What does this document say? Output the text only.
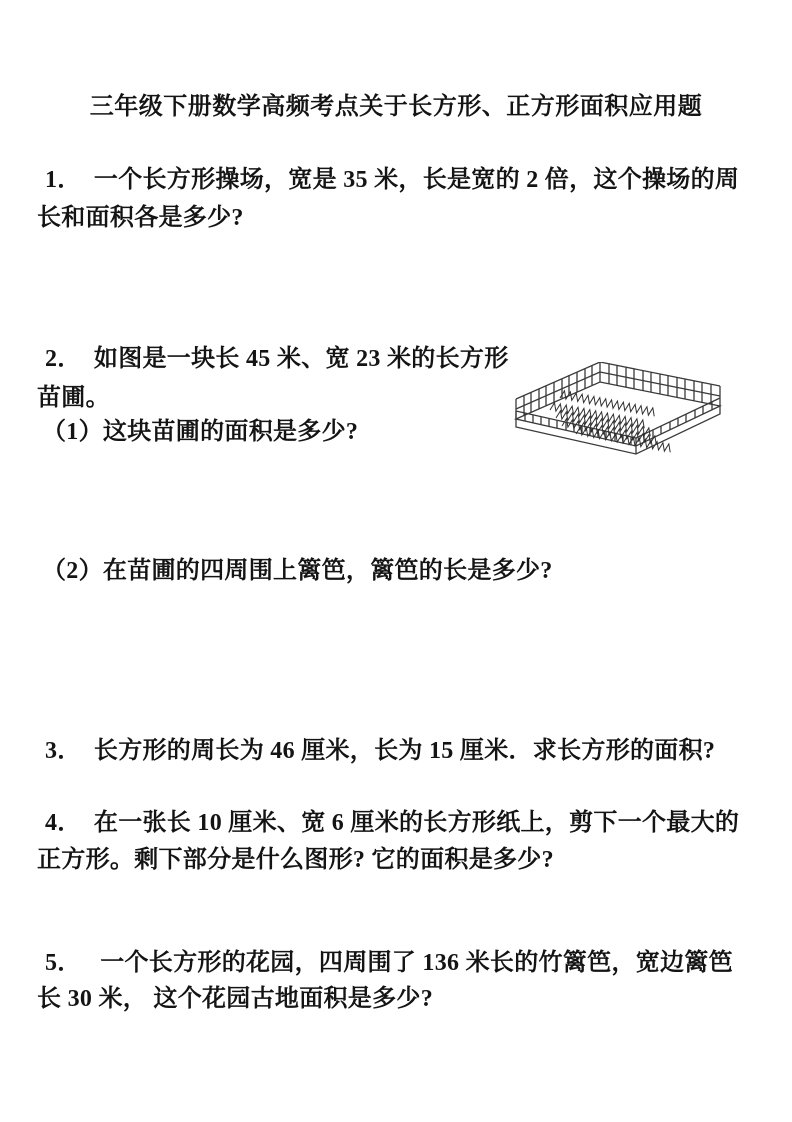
三年级下册数学高频考点关于长方形、正方形面积应用题
1．　一个长方形操场，宽是 35 米，长是宽的 2 倍，这个操场的周
长和面积各是多少?
2．　如图是一块长 45 米、宽 23 米的长方形
苗圃。
（1）这块苗圃的面积是多少?
（2）在苗圃的四周围上篱笆，篱笆的长是多少?
3．　长方形的周长为 46 厘米，长为 15 厘米．求长方形的面积?
4．　在一张长 10 厘米、宽 6 厘米的长方形纸上，剪下一个最大的
正方形。剩下部分是什么图形? 它的面积是多少?
5．　 一个长方形的花园，四周围了 136 米长的竹篱笆，宽边篱笆
长 30 米， 这个花园古地面积是多少?
